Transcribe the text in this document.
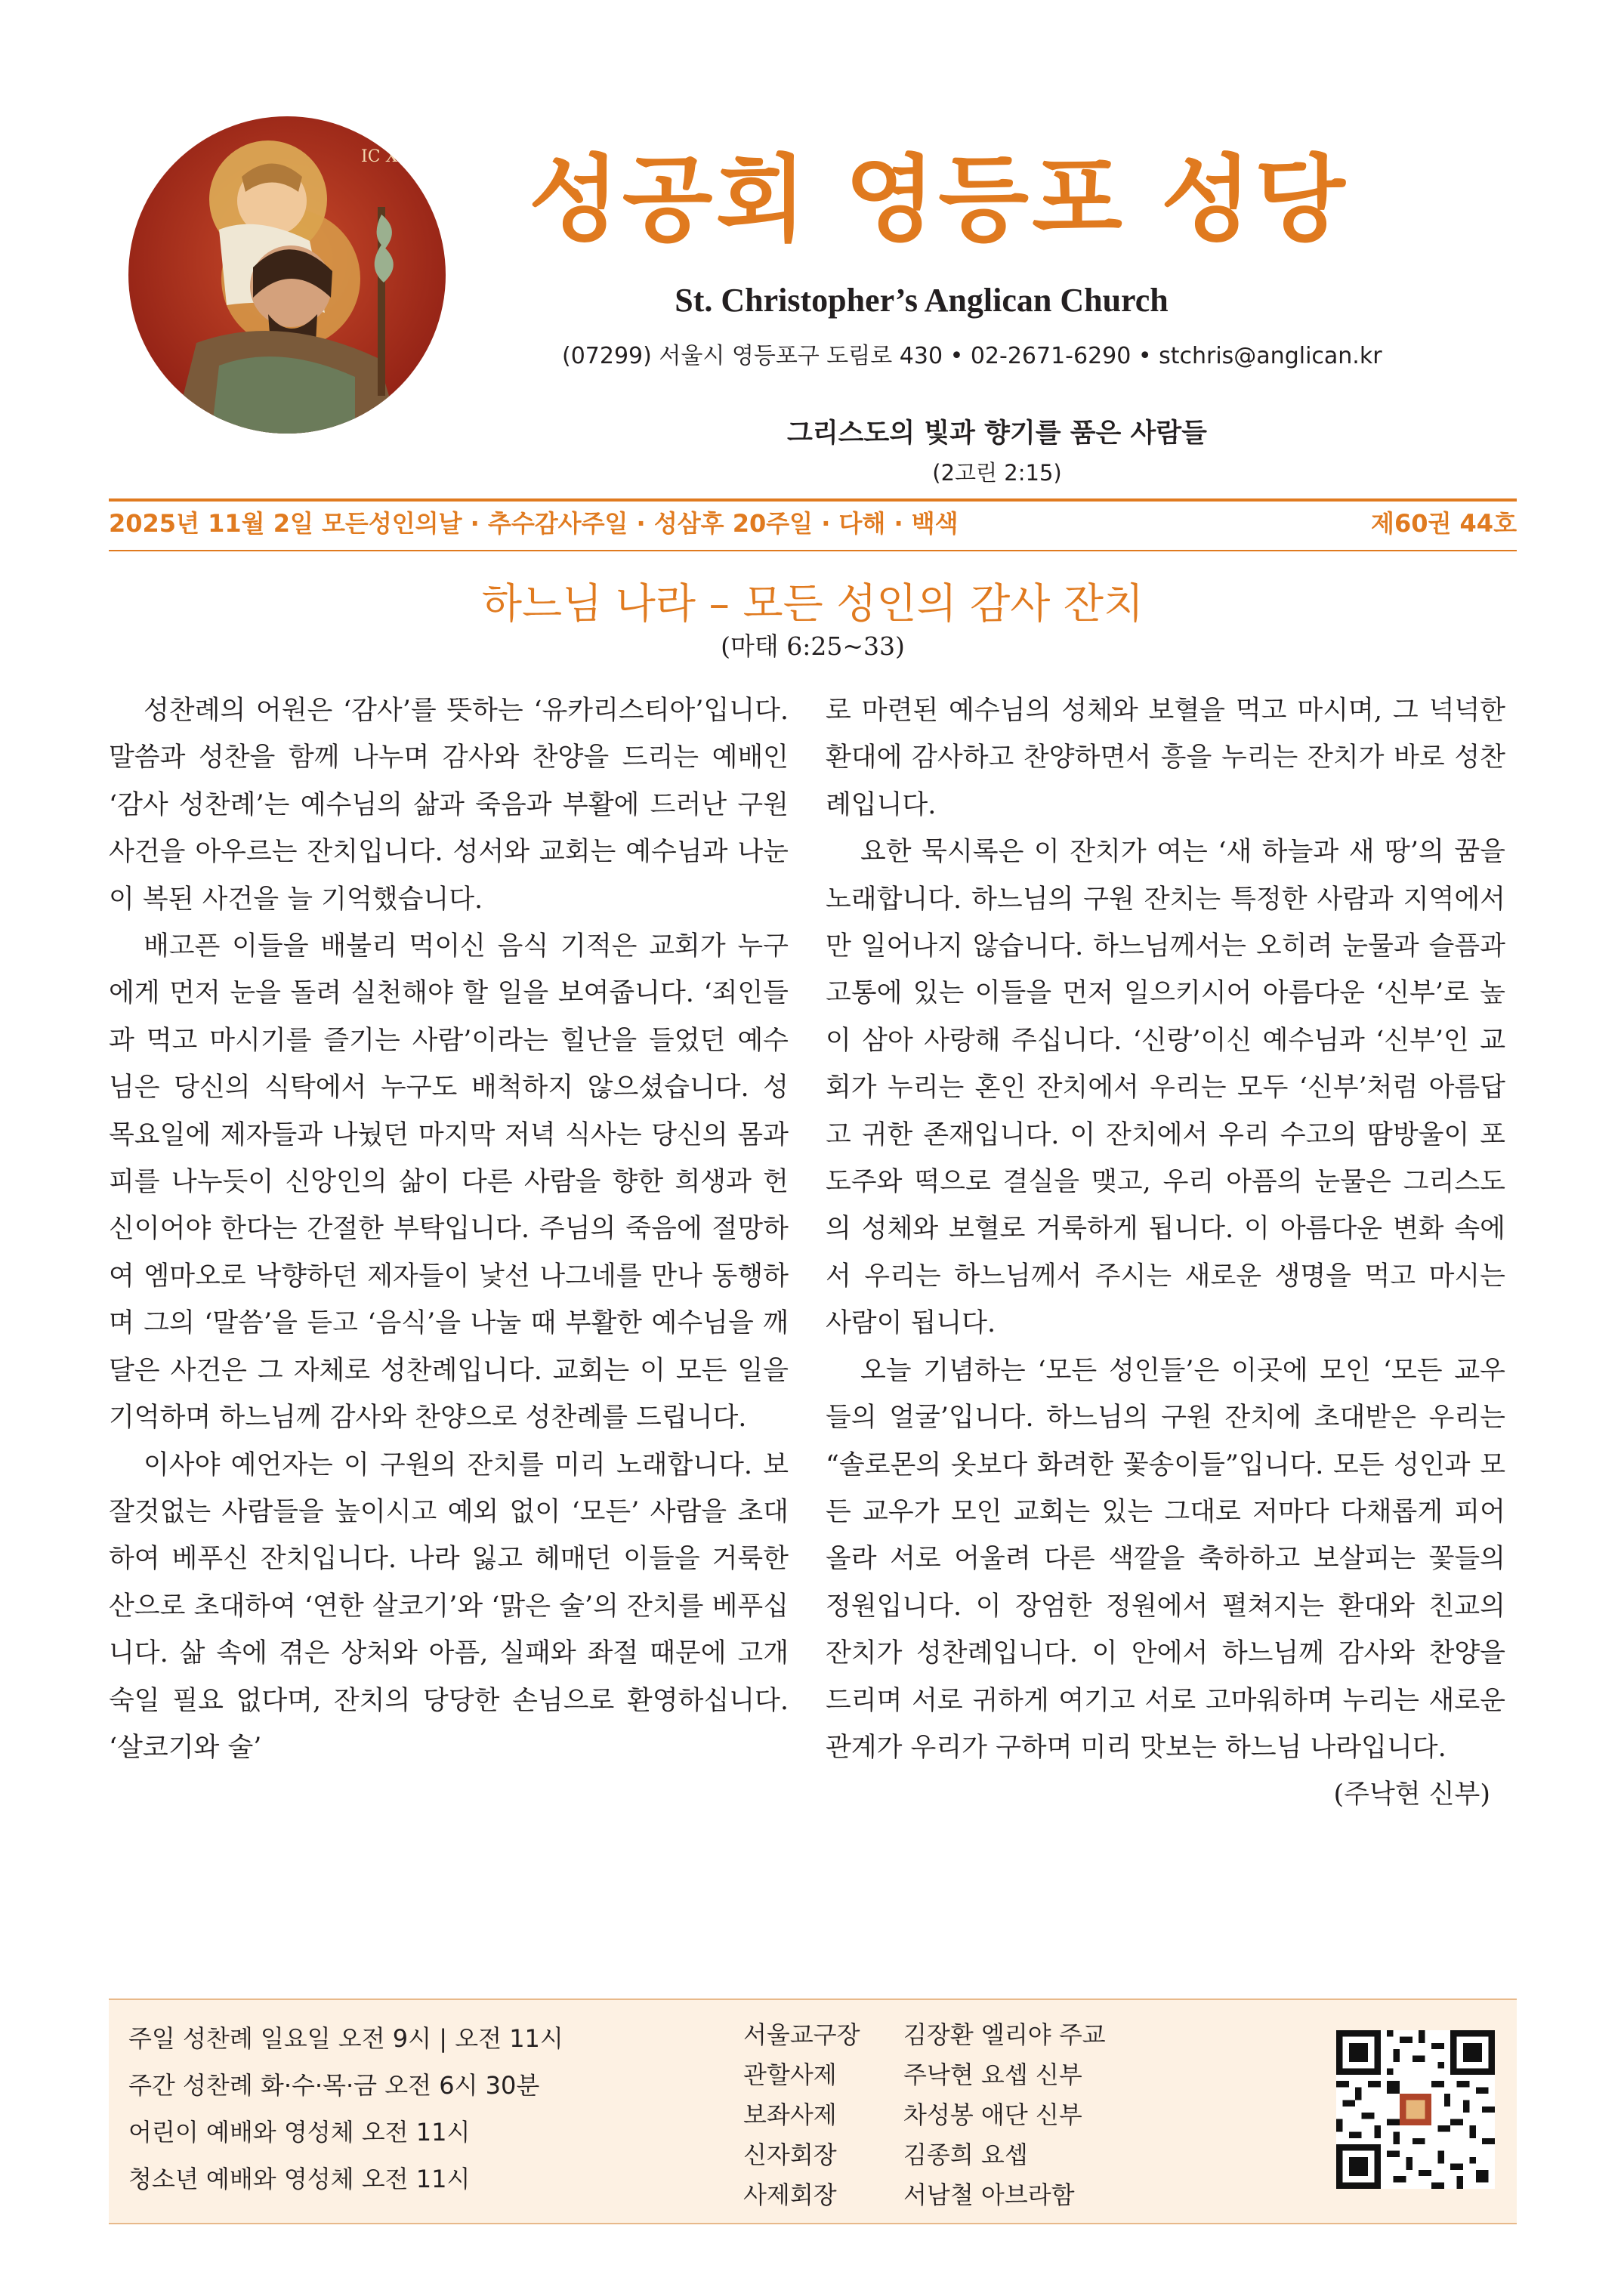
IC XC 성공회 영등포 성당
St. Christopher’s Anglican Church
(07299) 서울시 영등포구 도림로 430 • 02-2671-6290 • stchris@anglican.kr
그리스도의 빛과 향기를 품은 사람들
(2고린 2:15)
2025년 11월 2일 모든성인의날 · 추수감사주일 · 성삼후 20주일 · 다해 · 백색	제60권 44호
하느님 나라 – 모든 성인의 감사 잔치
(마태 6:25~33)

성찬례의 어원은 ‘감사’를 뜻하는 ‘유카리스티아’입니다. 말씀과 성찬을 함께 나누며 감사와 찬양을 드리는 예배인 ‘감사 성찬례’는 예수님의 삶과 죽음과 부활에 드러난 구원 사건을 아우르는 잔치입니다. 성서와 교회는 예수님과 나눈 이 복된 사건을 늘 기억했습니다.

배고픈 이들을 배불리 먹이신 음식 기적은 교회가 누구에게 먼저 눈을 돌려 실천해야 할 일을 보여줍니다. ‘죄인들과 먹고 마시기를 즐기는 사람’이라는 힐난을 들었던 예수님은 당신의 식탁에서 누구도 배척하지 않으셨습니다. 성 목요일에 제자들과 나눴던 마지막 저녁 식사는 당신의 몸과 피를 나누듯이 신앙인의 삶이 다른 사람을 향한 희생과 헌신이어야 한다는 간절한 부탁입니다. 주님의 죽음에 절망하여 엠마오로 낙향하던 제자들이 낯선 나그네를 만나 동행하며 그의 ‘말씀’을 듣고 ‘음식’을 나눌 때 부활한 예수님을 깨달은 사건은 그 자체로 성찬례입니다. 교회는 이 모든 일을 기억하며 하느님께 감사와 찬양으로 성찬례를 드립니다.

이사야 예언자는 이 구원의 잔치를 미리 노래합니다. 보잘것없는 사람들을 높이시고 예외 없이 ‘모든’ 사람을 초대하여 베푸신 잔치입니다. 나라 잃고 헤매던 이들을 거룩한 산으로 초대하여 ‘연한 살코기’와 ‘맑은 술’의 잔치를 베푸십니다. 삶 속에 겪은 상처와 아픔, 실패와 좌절 때문에 고개 숙일 필요 없다며, 잔치의 당당한 손님으로 환영하십니다. ‘살코기와 술’

로 마련된 예수님의 성체와 보혈을 먹고 마시며, 그 넉넉한 환대에 감사하고 찬양하면서 흥을 누리는 잔치가 바로 성찬례입니다.

요한 묵시록은 이 잔치가 여는 ‘새 하늘과 새 땅’의 꿈을 노래합니다. 하느님의 구원 잔치는 특정한 사람과 지역에서만 일어나지 않습니다. 하느님께서는 오히려 눈물과 슬픔과 고통에 있는 이들을 먼저 일으키시어 아름다운 ‘신부’로 높이 삼아 사랑해 주십니다. ‘신랑’이신 예수님과 ‘신부’인 교회가 누리는 혼인 잔치에서 우리는 모두 ‘신부’처럼 아름답고 귀한 존재입니다. 이 잔치에서 우리 수고의 땀방울이 포도주와 떡으로 결실을 맺고, 우리 아픔의 눈물은 그리스도의 성체와 보혈로 거룩하게 됩니다. 이 아름다운 변화 속에서 우리는 하느님께서 주시는 새로운 생명을 먹고 마시는 사람이 됩니다.

오늘 기념하는 ‘모든 성인들’은 이곳에 모인 ‘모든 교우들의 얼굴’입니다. 하느님의 구원 잔치에 초대받은 우리는 “솔로몬의 옷보다 화려한 꽃송이들”입니다. 모든 성인과 모든 교우가 모인 교회는 있는 그대로 저마다 다채롭게 피어올라 서로 어울려 다른 색깔을 축하하고 보살피는 꽃들의 정원입니다. 이 장엄한 정원에서 펼쳐지는 환대와 친교의 잔치가 성찬례입니다. 이 안에서 하느님께 감사와 찬양을 드리며 서로 귀하게 여기고 서로 고마워하며 누리는 새로운 관계가 우리가 구하며 미리 맛보는 하느님 나라입니다.
(주낙현 신부)

주일 성찬례 일요일 오전 9시 | 오전 11시
주간 성찬례 화·수·목·금 오전 6시 30분
어린이 예배와 영성체 오전 11시
청소년 예배와 영성체 오전 11시
서울교구장 김장환 엘리야 주교
관할사제	주낙현 요셉 신부
보좌사제	차성봉 애단 신부
신자회장	김종희 요셉
사제회장	서남철 아브라함
